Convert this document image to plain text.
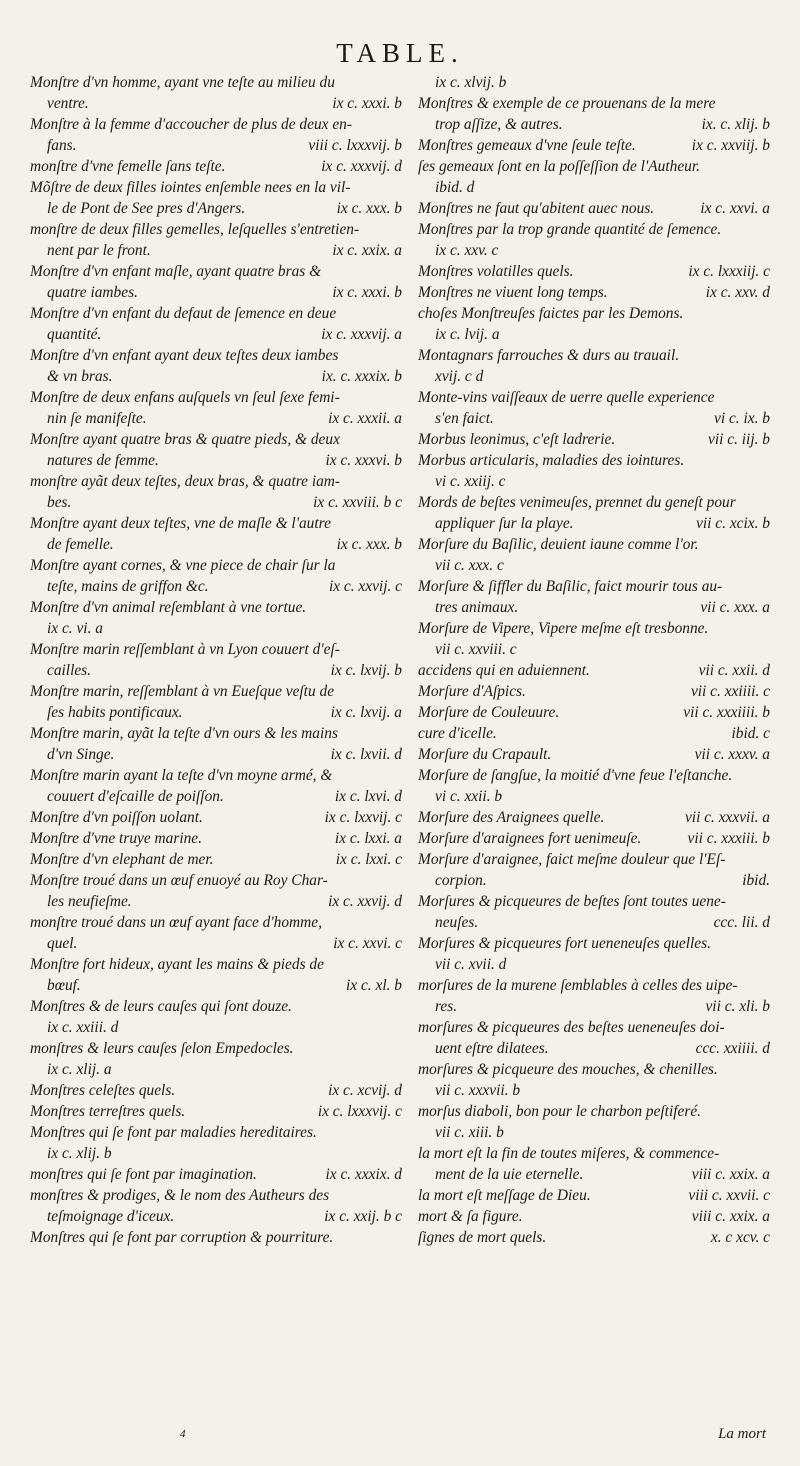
TABLE.
Monſtre d'vn homme, ayant vne teſte au milieu du
ventre.	ix c. xxxi. b
Monſtre à la femme d'accoucher de plus de deux en-
fans.	viii c. lxxxvij. b
monſtre d'vne femelle ſans teſte.	ix c. xxxvij. d
Mõſtre de deux filles iointes enſemble nees en la vil-
le de Pont de See pres d'Angers.	ix c. xxx. b
monſtre de deux filles gemelles, leſquelles s'entretien-
nent par le front.	ix c. xxix. a
Monſtre d'vn enfant maſle, ayant quatre bras &
quatre iambes.	ix c. xxxi. b
Monſtre d'vn enfant du defaut de ſemence en deue
quantité.	ix c. xxxvij. a
Monſtre d'vn enfant ayant deux teſtes deux iambes
& vn bras.	ix. c. xxxix. b
Monſtre de deux enfans auſquels vn ſeul ſexe femi-
nin ſe manifeſte.	ix c. xxxii. a
Monſtre ayant quatre bras & quatre pieds, & deux
natures de femme.	ix c. xxxvi. b
monſtre ayãt deux teſtes, deux bras, & quatre iam-
bes.	ix c. xxviii. b c
Monſtre ayant deux teſtes, vne de maſle & l'autre
de femelle.	ix c. xxx. b
Monſtre ayant cornes, & vne piece de chair ſur la
teſte, mains de griffon &c.	ix c. xxvij. c
Monſtre d'vn animal reſemblant à vne tortue.
ix c. vi. a
Monſtre marin reſſemblant à vn Lyon couuert d'eſ-
cailles.	ix c. lxvij. b
Monſtre marin, reſſemblant à vn Eueſque veſtu de
ſes habits pontificaux.	ix c. lxvij. a
Monſtre marin, ayãt la teſte d'vn ours & les mains
d'vn Singe.	ix c. lxvii. d
Monſtre marin ayant la teſte d'vn moyne armé, &
couuert d'eſcaille de poiſſon.	ix c. lxvi. d
Monſtre d'vn poiſſon uolant.	ix c. lxxvij. c
Monſtre d'vne truye marine.	ix c. lxxi. a
Monſtre d'vn elephant de mer.	ix c. lxxi. c
Monſtre troué dans un œuf enuoyé au Roy Char-
les neufieſme.	ix c. xxvij. d
monſtre troué dans un œuf ayant face d'homme,
quel.	ix c. xxvi. c
Monſtre fort hideux, ayant les mains & pieds de
bœuf.	ix c. xl. b
Monſtres & de leurs cauſes qui ſont douze.
ix c. xxiii. d
monſtres & leurs cauſes ſelon Empedocles.
ix c. xlij. a
Monſtres celeſtes quels.	ix c. xcvij. d
Monſtres terreſtres quels.	ix c. lxxxvij. c
Monſtres qui ſe font par maladies hereditaires.
ix c. xlij. b
monſtres qui ſe font par imagination.	ix c. xxxix. d
monſtres & prodiges, & le nom des Autheurs des
teſmoignage d'iceux.	ix c. xxij. b c
Monſtres qui ſe font par corruption & pourriture.
ix c. xlvij. b
Monſtres & exemple de ce prouenans de la mere
trop aſſize, & autres.	ix. c. xlij. b
Monſtres gemeaux d'vne ſeule teſte.	ix c. xxviij. b
ſes gemeaux ſont en la poſſeſſion de l'Autheur.
ibid. d
Monſtres ne faut qu'abitent auec nous.	ix c. xxvi. a
Monſtres par la trop grande quantité de ſemence.
ix c. xxv. c
Monſtres volatilles quels.	ix c. lxxxiij. c
Monſtres ne viuent long temps.	ix c. xxv. d
choſes Monſtreuſes faictes par les Demons.
ix c. lvij. a
Montagnars farrouches & durs au trauail.
xvij. c d
Monte-vins vaiſſeaux de uerre quelle experience
s'en faict.	vi c. ix. b
Morbus leonimus, c'eſt ladrerie.	vii c. iij. b
Morbus articularis, maladies des iointures.
vi c. xxiij. c
Mords de beſtes venimeuſes, prennet du geneſt pour
appliquer ſur la playe.	vii c. xcix. b
Morſure du Baſilic, deuient iaune comme l'or.
vii c. xxx. c
Morſure & ſiffler du Baſilic, faict mourir tous au-
tres animaux.	vii c. xxx. a
Morſure de Vipere, Vipere meſme eſt tresbonne.
vii c. xxviii. c
accidens qui en aduiennent.	vii c. xxii. d
Morſure d'Aſpics.	vii c. xxiiii. c
Morſure de Couleuure.	vii c. xxxiiii. b
cure d'icelle.	ibid. c
Morſure du Crapault.	vii c. xxxv. a
Morſure de ſangſue, la moitié d'vne feue l'eſtanche.
vi c. xxii. b
Morſure des Araignees quelle.	vii c. xxxvii. a
Morſure d'araignees fort uenimeuſe.	vii c. xxxiii. b
Morſure d'araignee, faict meſme douleur que l'Eſ-
corpion.	ibid.
Morſures & picqueures de beſtes ſont toutes uene-
neuſes.	ccc. lii. d
Morſures & picqueures fort ueneneuſes quelles.
vii c. xvii. d
morſures de la murene ſemblables à celles des uipe-
res.	vii c. xli. b
morſures & picqueures des beſtes ueneneuſes doi-
uent eſtre dilatees.	ccc. xxiiii. d
morſures & picqueure des mouches, & chenilles.
vii c. xxxvii. b
morſus diaboli, bon pour le charbon peſtiferé.
vii c. xiii. b
la mort eſt la fin de toutes miſeres, & commence-
ment de la uie eternelle.	viii c. xxix. a
la mort eſt meſſage de Dieu.	viii c. xxvii. c
mort & ſa figure.	viii c. xxix. a
ſignes de mort quels.	x. c xcv. c
4	La mort
